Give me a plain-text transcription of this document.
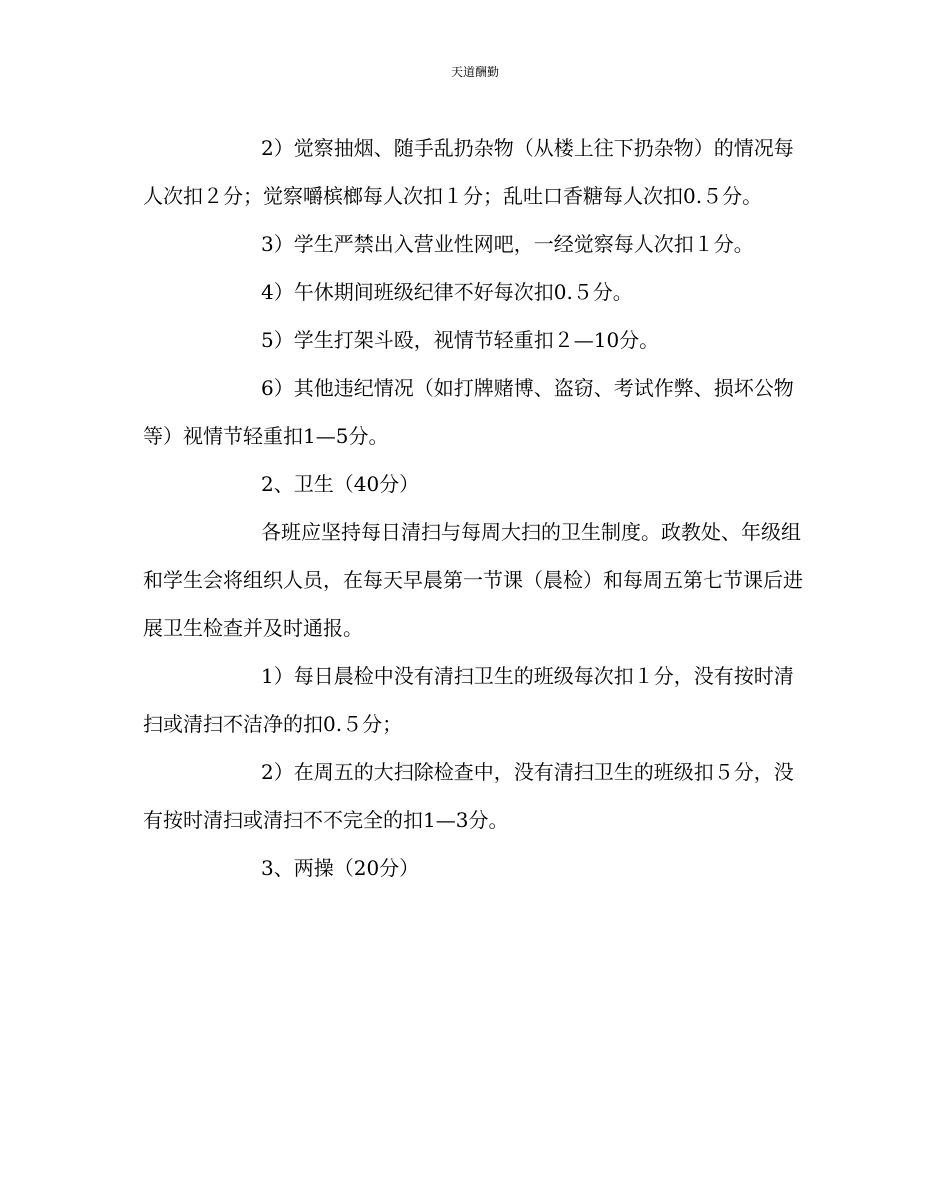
天道酬勤

2）觉察抽烟、随手乱扔杂物（从楼上往下扔杂物）的情况每人次扣２分；觉察嚼槟榔每人次扣１分；乱吐口香糖每人次扣0.５分。

3）学生严禁出入营业性网吧，一经觉察每人次扣１分。

4）午休期间班级纪律不好每次扣0.５分。

5）学生打架斗殴，视情节轻重扣２—10分。

6）其他违纪情况（如打牌赌博、盗窃、考试作弊、损坏公物等）视情节轻重扣1—5分。

2、卫生（40分）

各班应坚持每日清扫与每周大扫的卫生制度。政教处、年级组和学生会将组织人员，在每天早晨第一节课（晨检）和每周五第七节课后进展卫生检查并及时通报。

1）每日晨检中没有清扫卫生的班级每次扣１分，没有按时清扫或清扫不洁净的扣0.５分；

2）在周五的大扫除检查中，没有清扫卫生的班级扣５分，没有按时清扫或清扫不不完全的扣1—3分。

3、两操（20分）
